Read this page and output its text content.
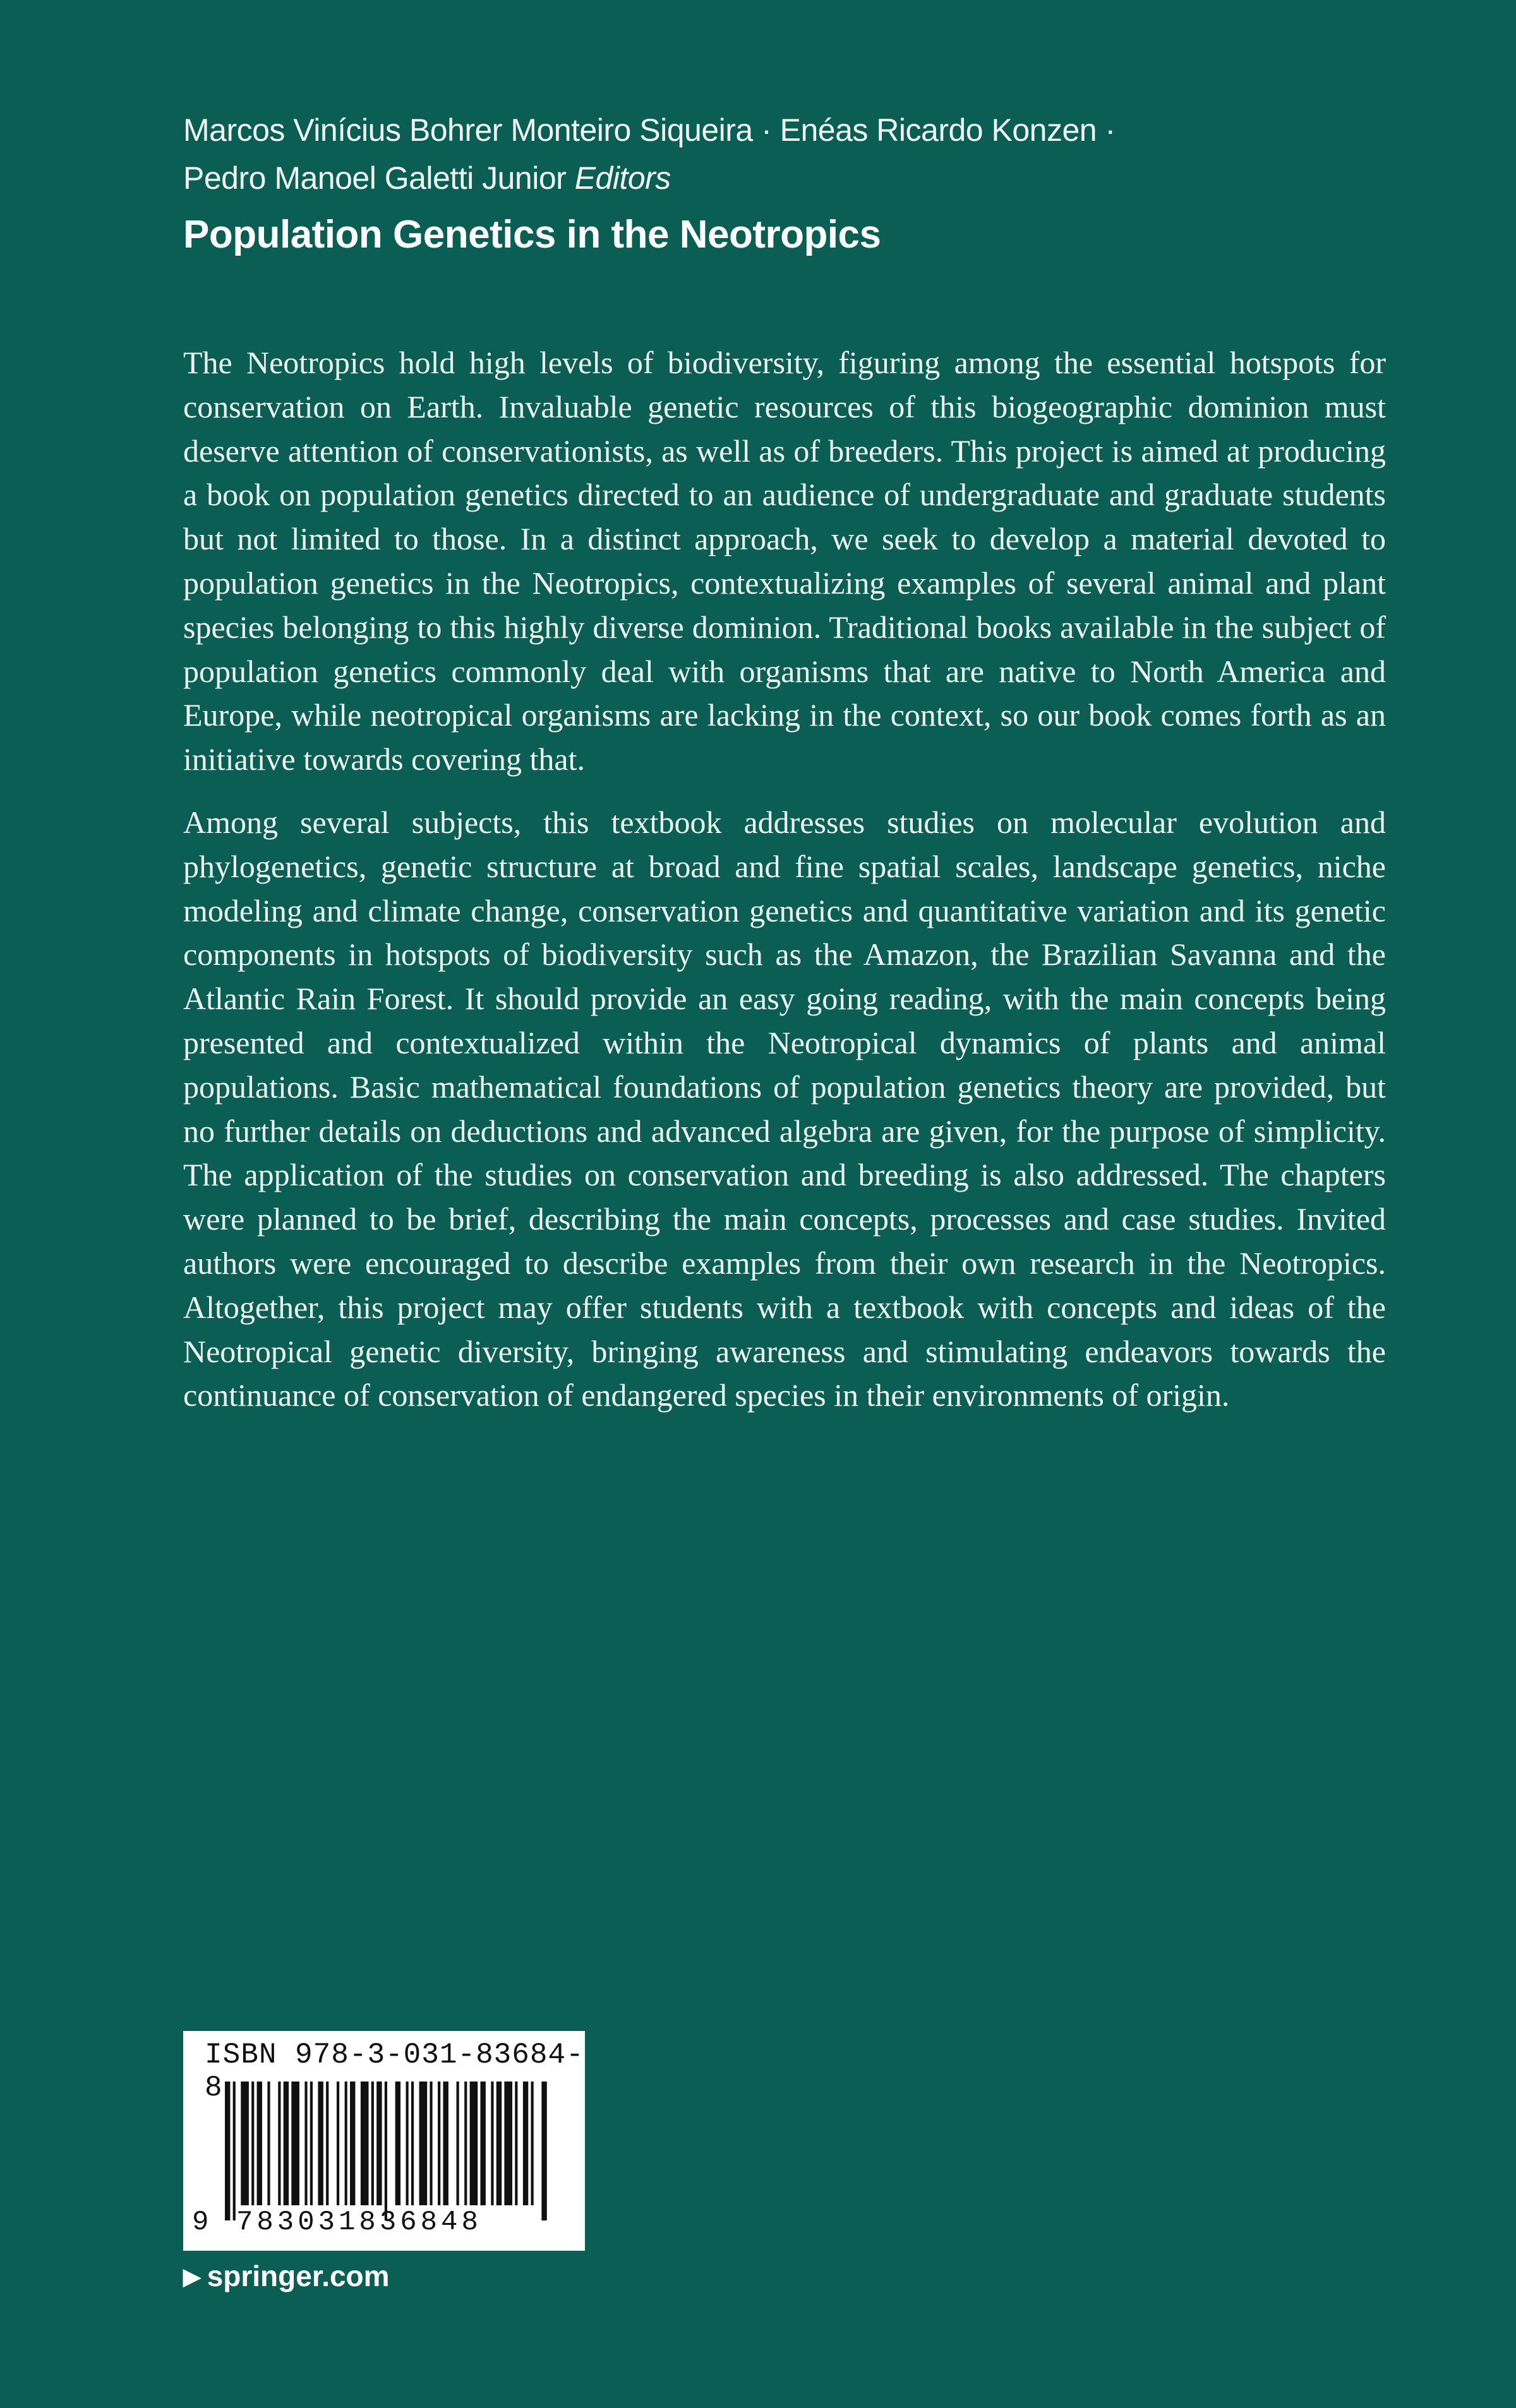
Marcos Vinícius Bohrer Monteiro Siqueira · Enéas Ricardo Konzen ·
Pedro Manoel Galetti Junior Editors
Population Genetics in the Neotropics

The Neotropics hold high levels of biodiversity, figuring among the essential hotspots for conservation on Earth. Invaluable genetic resources of this biogeographic dominion must deserve attention of conservationists, as well as of breeders. This project is aimed at producing a book on population genetics directed to an audience of undergraduate and graduate students but not limited to those. In a distinct approach, we seek to develop a material devoted to population genetics in the Neotropics, contextualizing examples of several animal and plant species belonging to this highly diverse dominion. Traditional books available in the subject of population genetics commonly deal with organisms that are native to North America and Europe, while neotropical organisms are lacking in the context, so our book comes forth as an initiative towards covering that.

Among several subjects, this textbook addresses studies on molecular evolution and phylogenetics, genetic structure at broad and fine spatial scales, landscape genetics, niche modeling and climate change, conservation genetics and quantitative variation and its genetic components in hotspots of biodiversity such as the Amazon, the Brazilian Savanna and the Atlantic Rain Forest. It should provide an easy going reading, with the main concepts being presented and contextualized within the Neotropical dynamics of plants and animal populations. Basic mathematical foundations of population genetics theory are provided, but no further details on deductions and advanced algebra are given, for the purpose of simplicity. The application of the studies on conservation and breeding is also addressed. The chapters were planned to be brief, describing the main concepts, processes and case studies. Invited authors were encouraged to describe examples from their own research in the Neotropics. Altogether, this project may offer students with a textbook with concepts and ideas of the Neotropical genetic diversity, bringing awareness and stimulating endeavors towards the continuance of conservation of endangered species in their environments of origin.

ISBN 978-3-031-83684-8
9 783031836848
▶ springer.com
